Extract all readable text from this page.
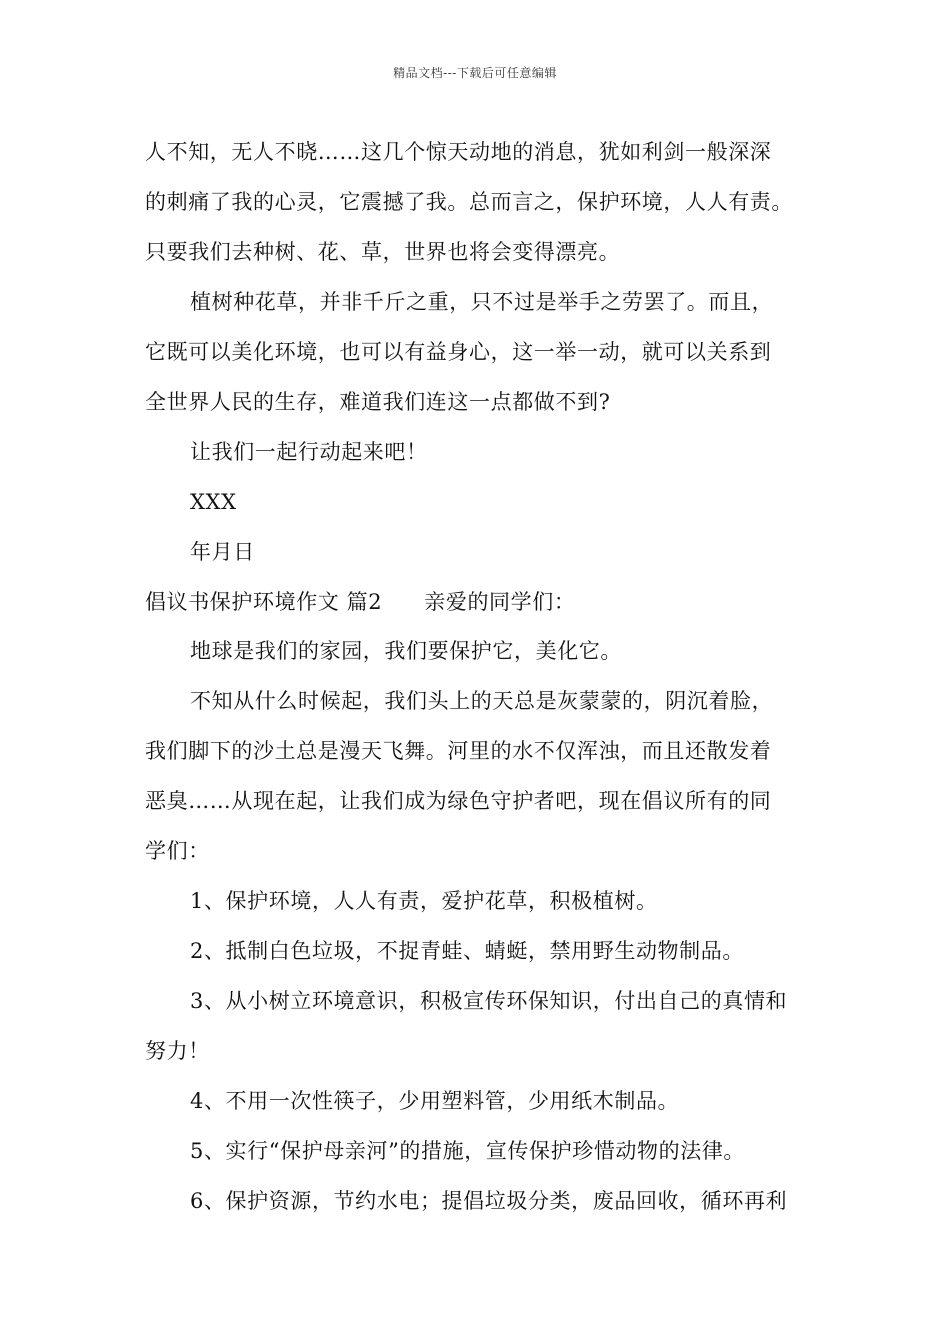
精品文档---下载后可任意编辑
人不知，无人不晓……这几个惊天动地的消息，犹如利剑一般深深
的刺痛了我的心灵，它震撼了我。总而言之，保护环境，人人有责。
只要我们去种树、花、草，世界也将会变得漂亮。
植树种花草，并非千斤之重，只不过是举手之劳罢了。而且，
它既可以美化环境，也可以有益身心，这一举一动，就可以关系到
全世界人民的生存，难道我们连这一点都做不到?
让我们一起行动起来吧！
XXX
年月日
倡议书保护环境作文 篇2 亲爱的同学们：
地球是我们的家园，我们要保护它，美化它。
不知从什么时候起，我们头上的天总是灰蒙蒙的，阴沉着脸，
我们脚下的沙土总是漫天飞舞。河里的水不仅浑浊，而且还散发着
恶臭……从现在起，让我们成为绿色守护者吧，现在倡议所有的同
学们：
1、保护环境，人人有责，爱护花草，积极植树。
2、抵制白色垃圾，不捉青蛙、蜻蜓，禁用野生动物制品。
3、从小树立环境意识，积极宣传环保知识，付出自己的真情和
努力！
4、不用一次性筷子，少用塑料管，少用纸木制品。
5、实行“保护母亲河”的措施，宣传保护珍惜动物的法律。
6、保护资源，节约水电；提倡垃圾分类，废品回收，循环再利
